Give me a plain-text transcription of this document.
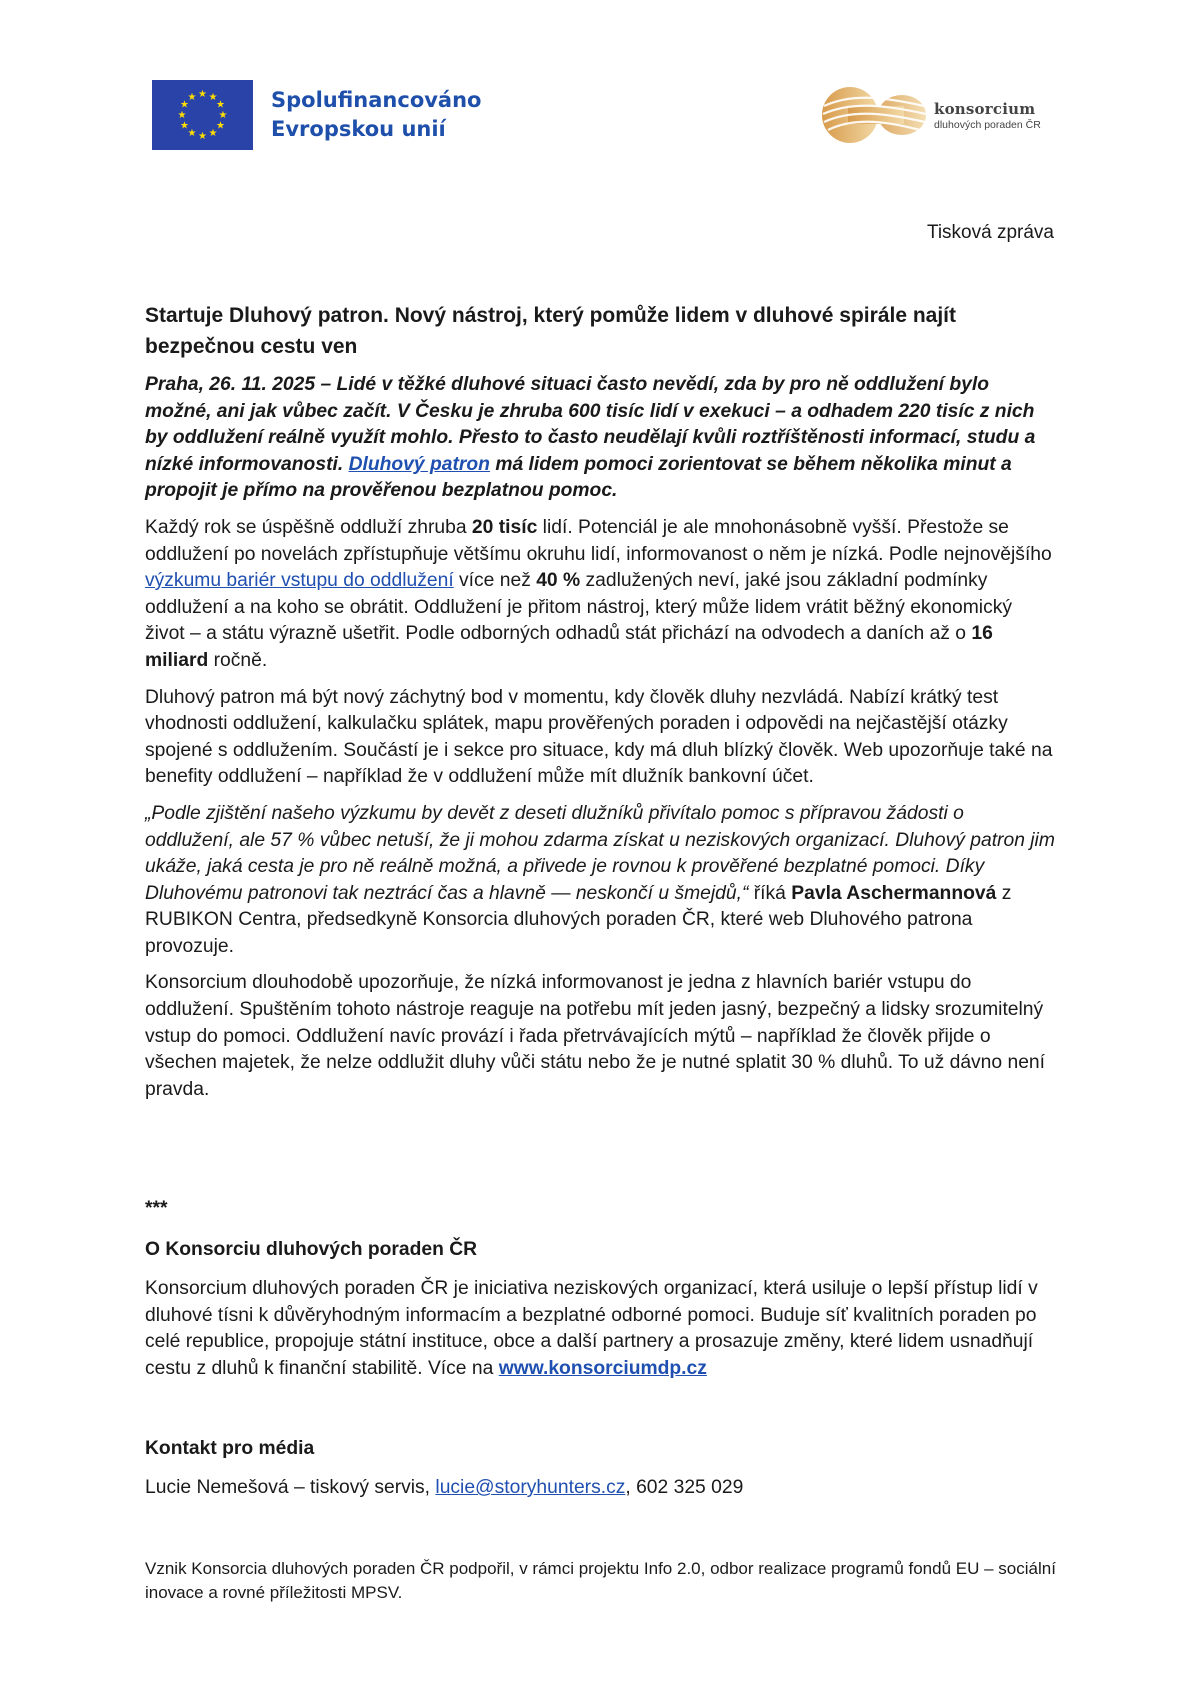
★ ★
★
★
★
★
★
★
★
★
★
★	Spolufinancováno
Evropskou unií
konsorcium
dluhových poraden ČR
Tisková zpráva
Startuje Dluhový patron. Nový nástroj, který pomůže lidem v dluhové spirále najít bezpečnou cestu ven

Praha, 26. 11. 2025 – Lidé v těžké dluhové situaci často nevědí, zda by pro ně oddlužení bylo možné, ani jak vůbec začít. V Česku je zhruba 600 tisíc lidí v exekuci – a odhadem 220 tisíc z nich by oddlužení reálně využít mohlo. Přesto to často neudělají kvůli roztříštěnosti informací, studu a nízké informovanosti. Dluhový patron má lidem pomoci zorientovat se během několika minut a propojit je přímo na prověřenou bezplatnou pomoc.

Každý rok se úspěšně oddluží zhruba 20 tisíc lidí. Potenciál je ale mnohonásobně vyšší. Přestože se oddlužení po novelách zpřístupňuje většímu okruhu lidí, informovanost o něm je nízká. Podle nejnovějšího výzkumu bariér vstupu do oddlužení více než 40 % zadlužených neví, jaké jsou základní podmínky oddlužení a na koho se obrátit. Oddlužení je přitom nástroj, který může lidem vrátit běžný ekonomický život – a státu výrazně ušetřit. Podle odborných odhadů stát přichází na odvodech a daních až o 16 miliard ročně.

Dluhový patron má být nový záchytný bod v momentu, kdy člověk dluhy nezvládá. Nabízí krátký test vhodnosti oddlužení, kalkulačku splátek, mapu prověřených poraden i odpovědi na nejčastější otázky spojené s oddlužením. Součástí je i sekce pro situace, kdy má dluh blízký člověk. Web upozorňuje také na benefity oddlužení – například že v oddlužení může mít dlužník bankovní účet.

„Podle zjištění našeho výzkumu by devět z deseti dlužníků přivítalo pomoc s přípravou žádosti o oddlužení, ale 57 % vůbec netuší, že ji mohou zdarma získat u neziskových organizací. Dluhový patron jim ukáže, jaká cesta je pro ně reálně možná, a přivede je rovnou k prověřené bezplatné pomoci. Díky Dluhovému patronovi tak neztrácí čas a hlavně — neskončí u šmejdů,“ říká Pavla Aschermannová z RUBIKON Centra, předsedkyně Konsorcia dluhových poraden ČR, které web Dluhového patrona provozuje.

Konsorcium dlouhodobě upozorňuje, že nízká informovanost je jedna z hlavních bariér vstupu do oddlužení. Spuštěním tohoto nástroje reaguje na potřebu mít jeden jasný, bezpečný a lidsky srozumitelný vstup do pomoci. Oddlužení navíc provází i řada přetrvávajících mýtů – například že člověk přijde o všechen majetek, že nelze oddlužit dluhy vůči státu nebo že je nutné splatit 30 % dluhů. To už dávno není pravda.

***

O Konsorciu dluhových poraden ČR

Konsorcium dluhových poraden ČR je iniciativa neziskových organizací, která usiluje o lepší přístup lidí v dluhové tísni k důvěryhodným informacím a bezplatné odborné pomoci. Buduje síť kvalitních poraden po celé republice, propojuje státní instituce, obce a další partnery a prosazuje změny, které lidem usnadňují cestu z dluhů k finanční stabilitě. Více na www.konsorciumdp.cz

Kontakt pro média

Lucie Nemešová – tiskový servis, lucie@storyhunters.cz, 602 325 029

Vznik Konsorcia dluhových poraden ČR podpořil, v rámci projektu Info 2.0, odbor realizace programů fondů EU – sociální inovace a rovné příležitosti MPSV.
